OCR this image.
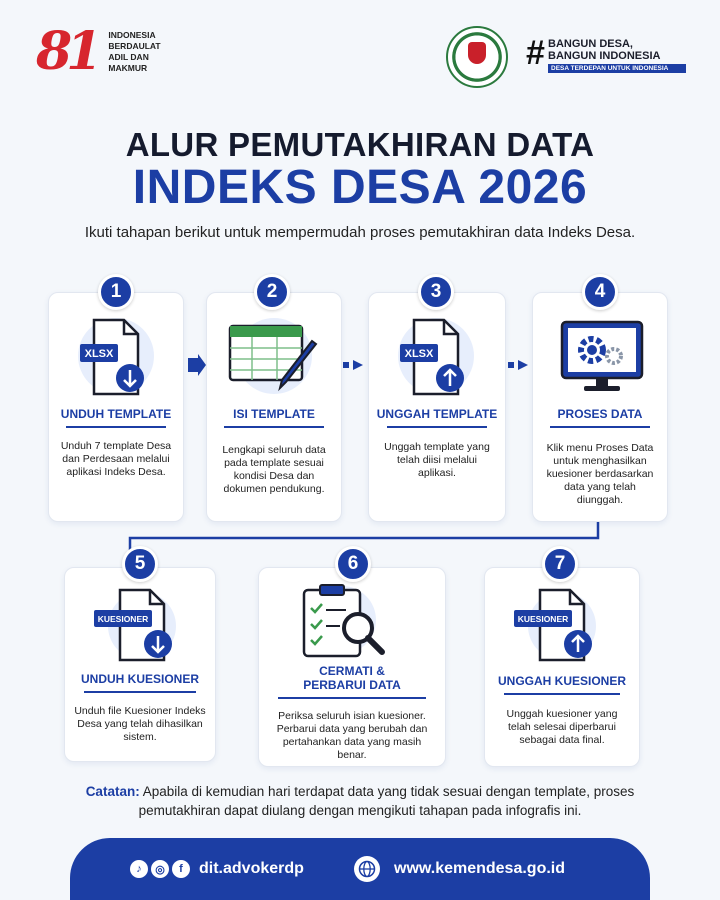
81 INDONESIA
BERDAULAT
ADIL DAN
MAKMUR	# BANGUN DESA,
BANGUN INDONESIA
DESA TERDEPAN UNTUK INDONESIA
ALUR PEMUTAKHIRAN DATA
INDEKS DESA 2026
Ikuti tahapan berikut untuk mempermudah proses pemutakhiran data Indeks Desa.
1
XLSX
UNDUH TEMPLATE
Unduh 7 template Desa dan Perdesaan melalui aplikasi Indeks Desa.
2
ISI TEMPLATE
Lengkapi seluruh data pada template sesuai kondisi Desa dan dokumen pendukung.
3
XLSX
UNGGAH TEMPLATE
Unggah template yang telah diisi melalui aplikasi.
4
PROSES DATA
Klik menu Proses Data untuk menghasilkan kuesioner berdasarkan data yang telah diunggah.
5
KUESIONER
UNDUH KUESIONER
Unduh file Kuesioner Indeks Desa yang telah dihasilkan sistem.
6
CERMATI &
PERBARUI DATA
Periksa seluruh isian kuesioner. Perbarui data yang berubah dan pertahankan data yang masih benar.
7
KUESIONER
UNGGAH KUESIONER
Unggah kuesioner yang telah selesai diperbarui sebagai data final.
Catatan: Apabila di kemudian hari terdapat data yang tidak sesuai dengan template, proses pemutakhiran dapat diulang dengan mengikuti tahapan pada infografis ini.
♪	◎	f	dit.advokerdp	www.kemendesa.go.id
